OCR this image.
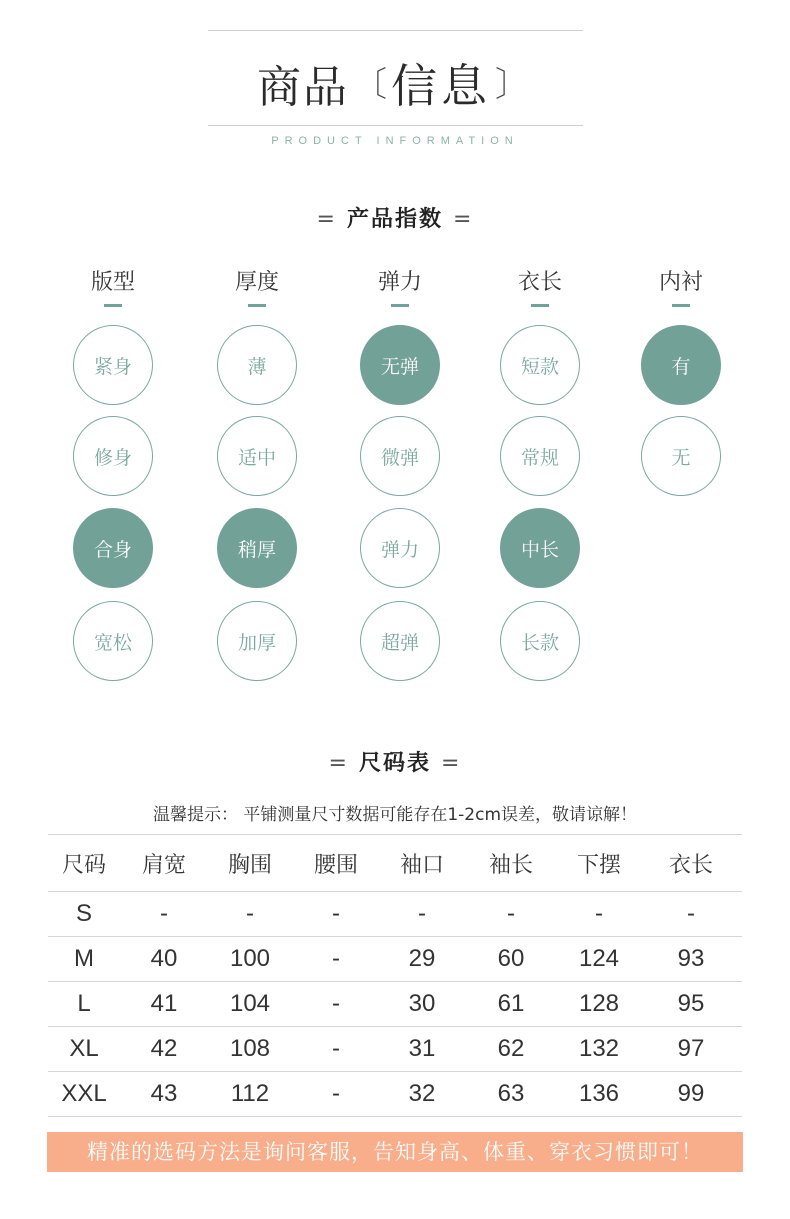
商品 〔信息 〕
PRODUCT INFORMATION
= 产品指数 =
版型
紧身
修身
合身
宽松
厚度
薄
适中
稍厚
加厚
弹力
无弹
微弹
弹力
超弹
衣长
短款
常规
中长
长款
内衬
有
无
= 尺码表 =
温馨提示： 平铺测量尺寸数据可能存在1-2cm误差，敬请谅解！
尺码	肩宽	胸围	腰围	袖口	袖长	下摆	衣长
S	-	-	-	-	-	-	-
M	40	100	-	29	60	124	93
L	41	104	-	30	61	128	95
XL	42	108	-	31	62	132	97
XXL	43	112	-	32	63	136	99
精准的选码方法是询问客服，告知身高、体重、穿衣习惯即可！
